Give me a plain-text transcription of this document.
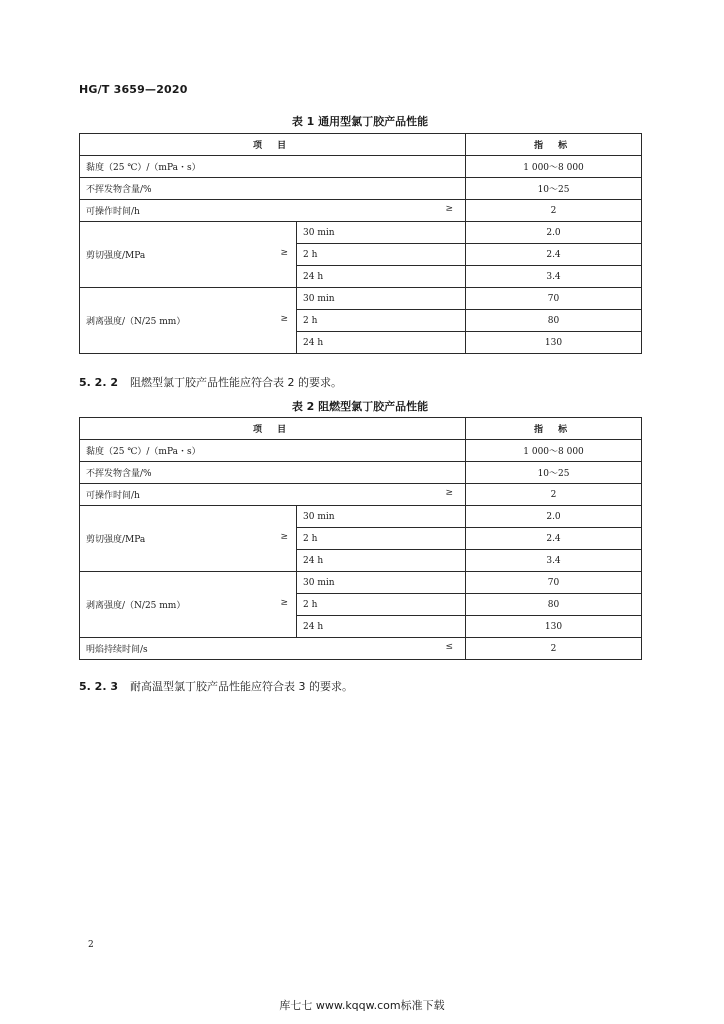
HG/T 3659—2020
表 1 通用型氯丁胶产品性能
项 目		指 标
黏度（25 ℃）/（mPa・s）		1 000～8 000
不挥发物含量/%		10～25
可操作时间/h ≥		2

剪切强度/MPa ≥	30 min	2.0
	2 h	2.4
	24 h	3.4

剥离强度/（N/25 mm） ≥	30 min	70
	2 h	80
	24 h	130
5. 2. 2 阻燃型氯丁胶产品性能应符合表 2 的要求。
表 2 阻燃型氯丁胶产品性能
项 目		指 标
黏度（25 ℃）/（mPa・s）		1 000～8 000
不挥发物含量/%		10～25
可操作时间/h ≥		2

剪切强度/MPa ≥	30 min	2.0
	2 h	2.4
	24 h	3.4

剥离强度/（N/25 mm） ≥	30 min	70
	2 h	80
	24 h	130
明焰持续时间/s ≤		2
5. 2. 3 耐高温型氯丁胶产品性能应符合表 3 的要求。
2
库七七 www.kqqw.com标准下载
